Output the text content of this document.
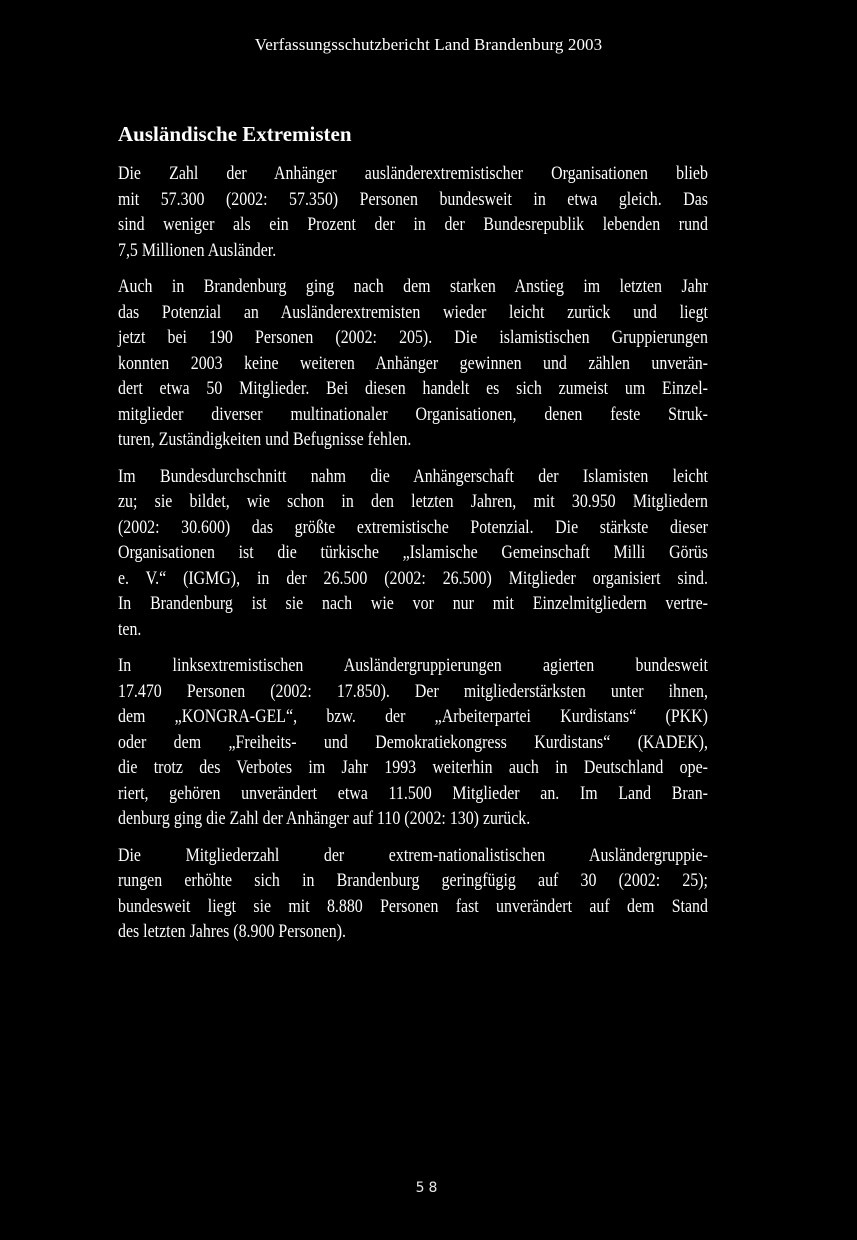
Verfassungsschutzbericht Land Brandenburg 2003
Ausländische Extremisten
Die Zahl der Anhänger ausländerextremistischer Organisationen blieb
mit 57.300 (2002: 57.350) Personen bundesweit in etwa gleich. Das
sind weniger als ein Prozent der in der Bundesrepublik lebenden rund
7,5 Millionen Ausländer.
Auch in Brandenburg ging nach dem starken Anstieg im letzten Jahr
das Potenzial an Ausländerextremisten wieder leicht zurück und liegt
jetzt bei 190 Personen (2002: 205). Die islamistischen Gruppierungen
konnten 2003 keine weiteren Anhänger gewinnen und zählen unverän-
dert etwa 50 Mitglieder. Bei diesen handelt es sich zumeist um Einzel-
mitglieder diverser multinationaler Organisationen, denen feste Struk-
turen, Zuständigkeiten und Befugnisse fehlen.
Im Bundesdurchschnitt nahm die Anhängerschaft der Islamisten leicht
zu; sie bildet, wie schon in den letzten Jahren, mit 30.950 Mitgliedern
(2002: 30.600) das größte extremistische Potenzial. Die stärkste dieser
Organisationen ist die türkische „Islamische Gemeinschaft Milli Görüs
e. V.“ (IGMG), in der 26.500 (2002: 26.500) Mitglieder organisiert sind.
In Brandenburg ist sie nach wie vor nur mit Einzelmitgliedern vertre-
ten.
In linksextremistischen Ausländergruppierungen agierten bundesweit
17.470 Personen (2002: 17.850). Der mitgliederstärksten unter ihnen,
dem „KONGRA-GEL“, bzw. der „Arbeiterpartei Kurdistans“ (PKK)
oder dem „Freiheits- und Demokratiekongress Kurdistans“ (KADEK),
die trotz des Verbotes im Jahr 1993 weiterhin auch in Deutschland ope-
riert, gehören unverändert etwa 11.500 Mitglieder an. Im Land Bran-
denburg ging die Zahl der Anhänger auf 110 (2002: 130) zurück.
Die Mitgliederzahl der extrem-nationalistischen Ausländergruppie-
rungen erhöhte sich in Brandenburg geringfügig auf 30 (2002: 25);
bundesweit liegt sie mit 8.880 Personen fast unverändert auf dem Stand
des letzten Jahres (8.900 Personen).
58
